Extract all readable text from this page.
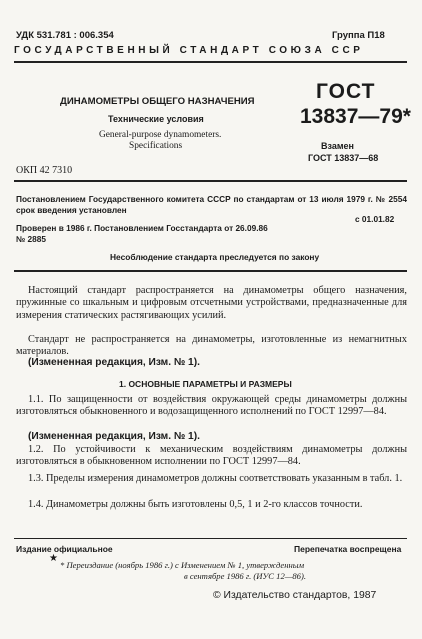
УДК 531.781 : 006.354	Группа П18
ГОСУДАРСТВЕННЫЙ СТАНДАРТ СОЮЗА ССР
ДИНАМОМЕТРЫ ОБЩЕГО НАЗНАЧЕНИЯ
Технические условия
General-purpose dynamometers.
Specifications
ГОСТ
13837—79*
Взамен
ГОСТ 13837—68
ОКП 42 7310
Постановлением Государственного комитета СССР по стандартам от 13 июля 1979 г. № 2554 срок введения установлен
с 01.01.82
Проверен в 1986 г. Постановлением Госстандарта от 26.09.86 № 2885
Несоблюдение стандарта преследуется по закону
Настоящий стандарт распространяется на динамометры общего назначения, пружинные со шкальным и цифровым отсчетными устройствами, предназначенные для измерения статических растягивающих усилий.
Стандарт не распространяется на динамометры, изготовленные из немагнитных материалов.
(Измененная редакция, Изм. № 1).
1. ОСНОВНЫЕ ПАРАМЕТРЫ И РАЗМЕРЫ
1.1. По защищенности от воздействия окружающей среды динамометры должны изготовляться обыкновенного и водозащищенного исполнений по ГОСТ 12997—84.
(Измененная редакция, Изм. № 1).
1.2. По устойчивости к механическим воздействиям динамометры должны изготовляться в обыкновенном исполнении по ГОСТ 12997—84.
1.3. Пределы измерения динамометров должны соответствовать указанным в табл. 1.
1.4. Динамометры должны быть изготовлены 0,5, 1 и 2-го классов точности.
Издание официальное	Перепечатка воспрещена
★
* Переиздание (ноябрь 1986 г.) с Изменением № 1, утвержденным
в сентябре 1986 г. (ИУС 12—86).
© Издательство стандартов, 1987
